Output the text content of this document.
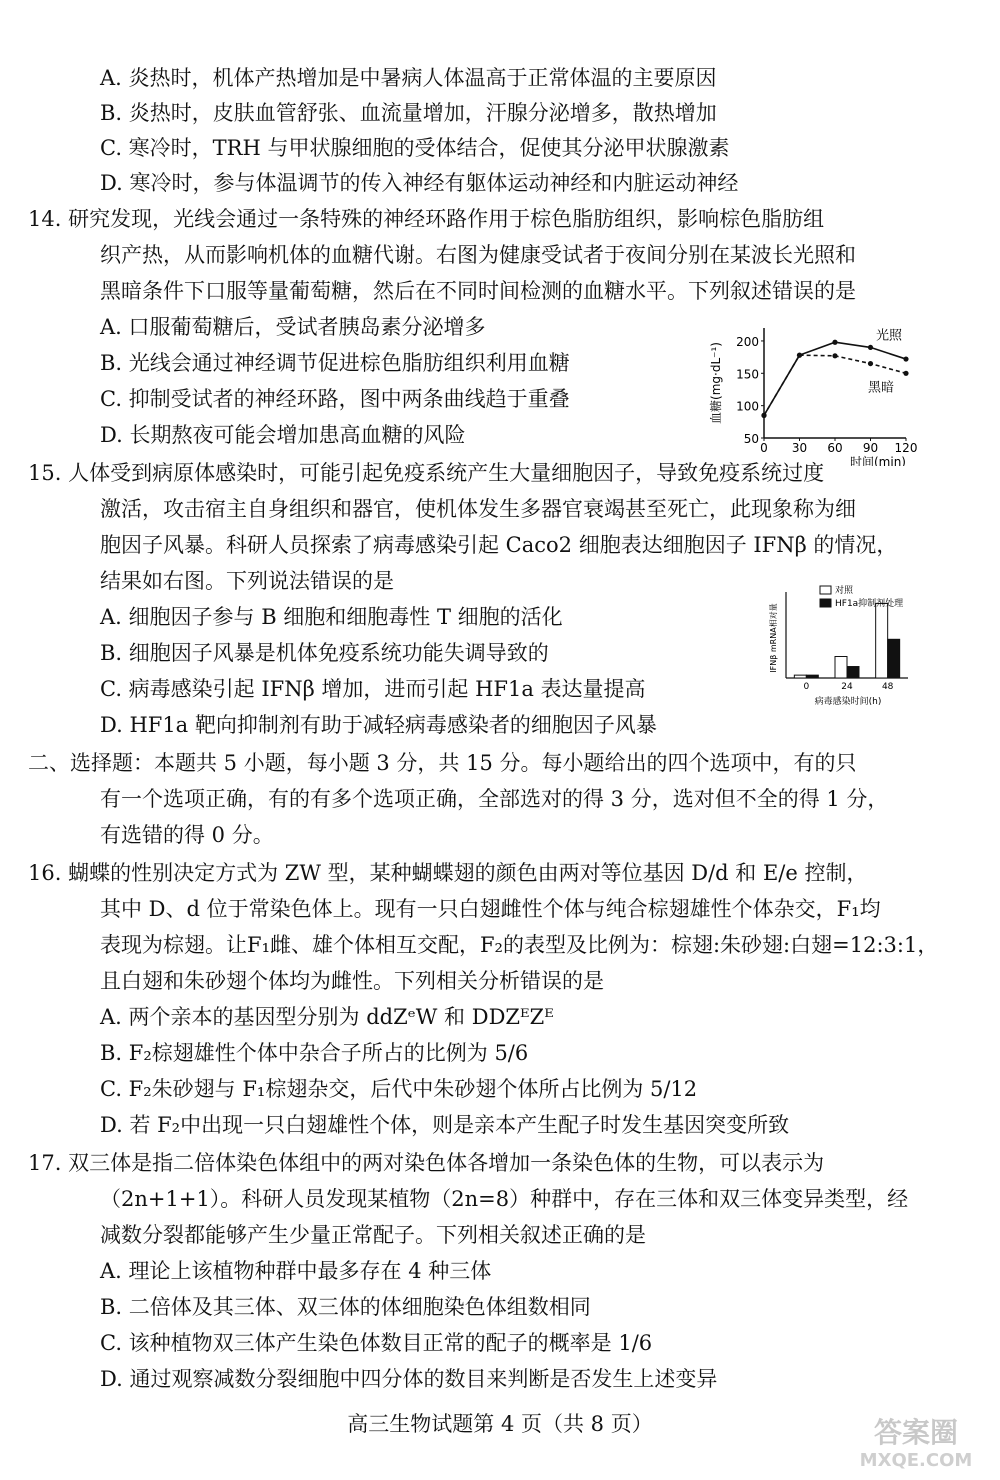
A. 炎热时，机体产热增加是中暑病人体温高于正常体温的主要原因
B. 炎热时，皮肤血管舒张、血流量增加，汗腺分泌增多，散热增加
C. 寒冷时，TRH 与甲状腺细胞的受体结合，促使其分泌甲状腺激素
D. 寒冷时，参与体温调节的传入神经有躯体运动神经和内脏运动神经
14. 研究发现，光线会通过一条特殊的神经环路作用于棕色脂肪组织，影响棕色脂肪组
织产热，从而影响机体的血糖代谢。右图为健康受试者于夜间分别在某波长光照和
黑暗条件下口服等量葡萄糖，然后在不同时间检测的血糖水平。下列叙述错误的是
A. 口服葡萄糖后，受试者胰岛素分泌增多
B. 光线会通过神经调节促进棕色脂肪组织利用血糖
C. 抑制受试者的神经环路，图中两条曲线趋于重叠
D. 长期熬夜可能会增加患高血糖的风险
15. 人体受到病原体感染时，可能引起免疫系统产生大量细胞因子，导致免疫系统过度
激活，攻击宿主自身组织和器官，使机体发生多器官衰竭甚至死亡，此现象称为细
胞因子风暴。科研人员探索了病毒感染引起 Caco2 细胞表达细胞因子 IFNβ 的情况，
结果如右图。下列说法错误的是
A. 细胞因子参与 B 细胞和细胞毒性 T 细胞的活化
B. 细胞因子风暴是机体免疫系统功能失调导致的
C. 病毒感染引起 IFNβ 增加，进而引起 HF1a 表达量提高
D. HF1a 靶向抑制剂有助于减轻病毒感染者的细胞因子风暴
二、选择题：本题共 5 小题，每小题 3 分，共 15 分。每小题给出的四个选项中，有的只
有一个选项正确，有的有多个选项正确，全部选对的得 3 分，选对但不全的得 1 分，
有选错的得 0 分。
16. 蝴蝶的性别决定方式为 ZW 型，某种蝴蝶翅的颜色由两对等位基因 D/d 和 E/e 控制，
其中 D、d 位于常染色体上。现有一只白翅雌性个体与纯合棕翅雄性个体杂交，F₁均
表现为棕翅。让F₁雌、雄个体相互交配，F₂的表型及比例为：棕翅:朱砂翅:白翅=12:3:1，
且白翅和朱砂翅个体均为雌性。下列相关分析错误的是
A. 两个亲本的基因型分别为 ddZᵉW 和 DDZᴱZᴱ
B. F₂棕翅雄性个体中杂合子所占的比例为 5/6
C. F₂朱砂翅与 F₁棕翅杂交，后代中朱砂翅个体所占比例为 5/12
D. 若 F₂中出现一只白翅雄性个体，则是亲本产生配子时发生基因突变所致
17. 双三体是指二倍体染色体组中的两对染色体各增加一条染色体的生物，可以表示为
（2n+1+1）。科研人员发现某植物（2n=8）种群中，存在三体和双三体变异类型，经
减数分裂都能够产生少量正常配子。下列相关叙述正确的是
A. 理论上该植物种群中最多存在 4 种三体
B. 二倍体及其三体、双三体的体细胞染色体组数相同
C. 该种植物双三体产生染色体数目正常的配子的概率是 1/6
D. 通过观察减数分裂细胞中四分体的数目来判断是否发生上述变异
50
100
150
200
0 30 60 90 120
血糖(mg·dL⁻¹)
时间(min)
光照
黑暗
IFNβ mRNA相对量
0	24	48
病毒感染时间(h)
对照
HF1a抑制剂处理
高三生物试题第 4 页（共 8 页）	答案圈
MXQE.COM
